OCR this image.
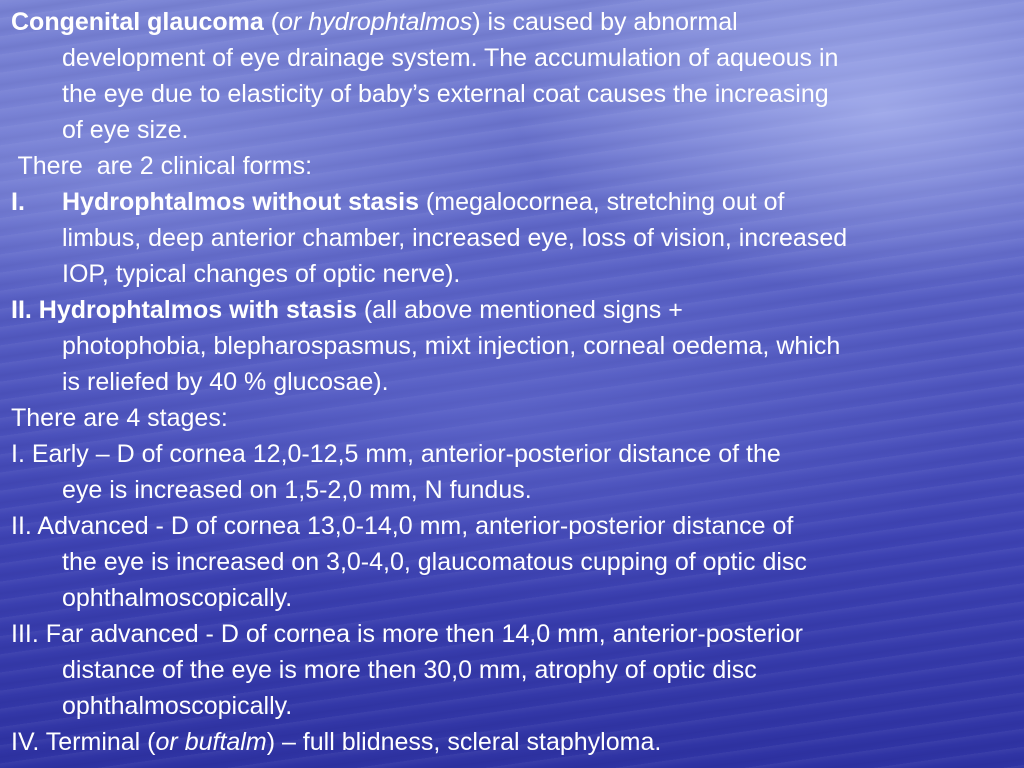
Congenital glaucoma (or hydrophtalmos) is caused by abnormal
development of eye drainage system. The accumulation of aqueous in
the eye due to elasticity of baby’s external coat causes the increasing
of eye size.
There  are 2 clinical forms:
I. Hydrophtalmos without stasis (megalocornea, stretching out of
limbus, deep anterior chamber, increased eye, loss of vision, increased
IOP, typical changes of optic nerve).
II. Hydrophtalmos with stasis (all above mentioned signs +
photophobia, blepharospasmus, mixt injection, corneal oedema, which
is reliefed by 40 % glucosae).
There are 4 stages:
I. Early – D of cornea 12,0-12,5 mm, anterior-posterior distance of the
eye is increased on 1,5-2,0 mm, N fundus.
II. Advanced - D of cornea 13,0-14,0 mm, anterior-posterior distance of
the eye is increased on 3,0-4,0, glaucomatous cupping of optic disc
ophthalmoscopically.
III. Far advanced - D of cornea is more then 14,0 mm, anterior-posterior
distance of the eye is more then 30,0 mm, atrophy of optic disc
ophthalmoscopically.
IV. Terminal (or buftalm) – full blidness, scleral staphyloma.
